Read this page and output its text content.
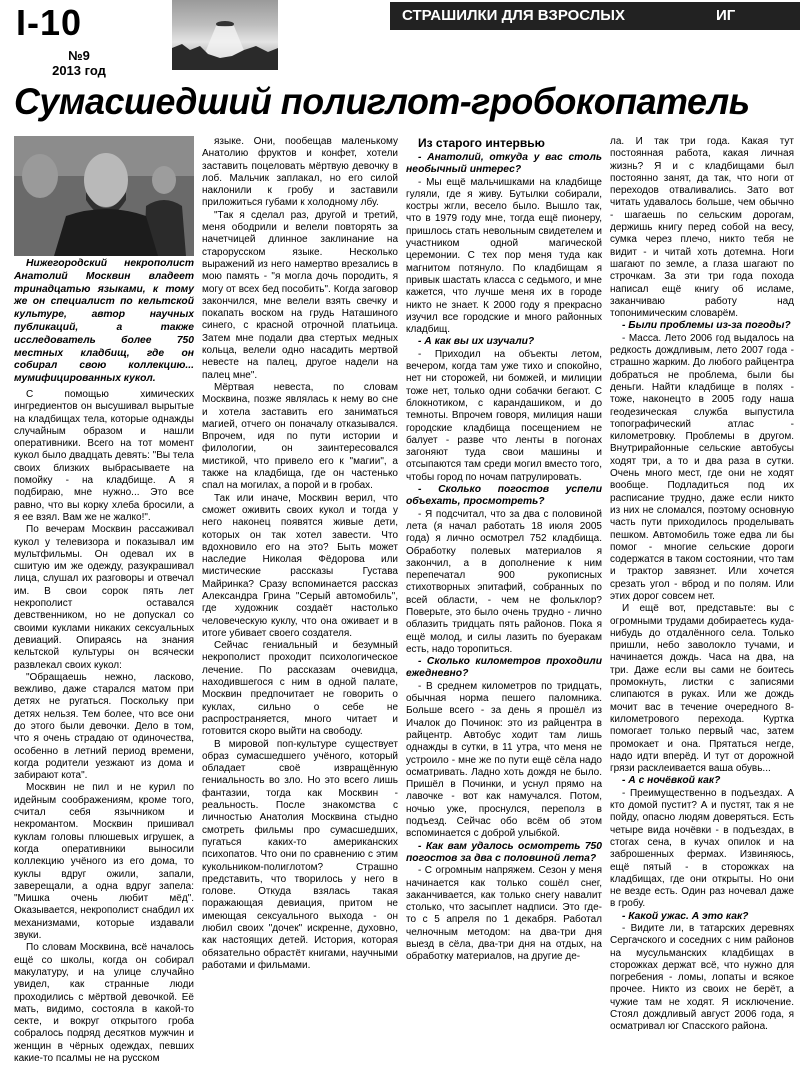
I-10
№9
2013 год
СТРАШИЛКИ ДЛЯ ВЗРОСЛЫХ	ИГ
Сумасшедший полиглот-гробокопатель

Нижегородский некрополист Анатолий Москвин владеет тринадцатью языками, к тому же он специалист по кельтской культуре, автор научных публикаций, а также исследователь более 750 местных кладбищ, где он собирал свою коллекцию... мумифицированных кукол.

С помощью химических ингредиентов он высушивал вырытые на кладбищах тела, которые однажды случайным образом и нашли оперативники. Всего на тот момент кукол было двадцать девять: "Вы тела своих близких выбрасываете на помойку - на кладбище. А я подбираю, мне нужно... Это все равно, что вы корку хлеба бросили, а я ее взял. Вам же не жалко!".

По вечерам Москвин рассаживал кукол у телевизора и показывал им мультфильмы. Он одевал их в сшитую им же одежду, разукрашивал лица, слушал их разговоры и отвечал им. В свои сорок пять лет некрополист оставался девственником, но не допускал со своими куклами никаких сексуальных девиаций. Опираясь на знания кельтской культуры он всячески развлекал своих кукол:

"Обращаешь нежно, ласково, вежливо, даже старался матом при детях не ругаться. Поскольку при детях нельзя. Тем более, что все они до этого были девочки. Дело в том, что я очень страдаю от одиночества, особенно в летний период времени, когда родители уезжают из дома и забирают кота".

Москвин не пил и не курил по идейным соображениям, кроме того, считал себя язычником и некромантом. Москвин пришивал куклам головы плюшевых игрушек, а когда оперативники выносили коллекцию учёного из его дома, то куклы вдруг ожили, запали, заверещали, а одна вдруг запела: "Мишка очень любит мёд". Оказывается, некрополист снабдил их механизмами, которые издавали звуки.

По словам Москвина, всё началось ещё со школы, когда он собирал макулатуру, и на улице случайно увидел, как странные люди проходились с мёртвой девочкой. Её мать, видимо, состояла в какой-то секте, и вокруг открытого гроба собралось подряд десятков мужчин и женщин в чёрных одеждах, певших какие-то псалмы не на русском

языке. Они, пообещав маленькому Анатолию фруктов и конфет, хотели заставить поцеловать мёртвую девочку в лоб. Мальчик заплакал, но его силой наклонили к гробу и заставили приложиться губами к холодному лбу.

"Так я сделал раз, другой и третий, меня ободрили и велели повторять за начетчицей длинное заклинание на старорусском языке. Несколько выражений из него намертво врезались в мою память - "я могла дочь породить, я могу от всех бед пособить". Когда заговор закончился, мне велели взять свечку и покапать воском на грудь Наташиного синего, с красной отрочной платьица. Затем мне подали два стертых медных кольца, велели одно насадить мертвой невесте на палец, другое надели на палец мне".

Мёртвая невеста, по словам Москвина, позже являлась к нему во сне и хотела заставить его заниматься магией, отчего он поначалу отказывался. Впрочем, идя по пути истории и филологии, он заинтересовался мистикой, что привело его к "магии", а также на кладбища, где он частенько спал на могилах, а порой и в гробах.

Так или иначе, Москвин верил, что сможет оживить своих кукол и тогда у него наконец появятся живые дети, которых он так хотел завести. Что вдохновило его на это? Быть может наследие Николая Фёдорова или мистические рассказы Густава Майринка? Сразу вспоминается рассказ Александра Грина "Серый автомобиль", где художник создаёт настолько человеческую куклу, что она оживает и в итоге убивает своего создателя.

Сейчас гениальный и безумный некрополист проходит психологическое лечение. По рассказам очевидца, находившегося с ним в одной палате, Москвин предпочитает не говорить о куклах, сильно о себе не распространяется, много читает и готовится скоро выйти на свободу.

В мировой поп-культуре существует образ сумасшедшего учёного, который обладает своё извращённую гениальность во зло. Но это всего лишь фантазии, тогда как Москвин - реальность. После знакомства с личностью Анатолия Москвина стыдно смотреть фильмы про сумасшедших, пугаться каких-то американских психопатов. Что они по сравнению с этим кукольником-полиглотом? Страшно представить, что творилось у него в голове. Откуда взялась такая поражающая девиация, притом не имеющая сексуального выхода - он любил своих "дочек" искренне, духовно, как настоящих детей. История, которая обязательно обрастёт книгами, научными работами и фильмами.

Из старого интервью

- Анатолий, откуда у вас столь необычный интерес?

- Мы ещё мальчишками на кладбище гуляли, где я живу. Бутылки собирали, костры жгли, весело было. Вышло так, что в 1979 году мне, тогда ещё пионеру, пришлось стать невольным свидетелем и участником одной магической церемонии. С тех пор меня туда как магнитом потянуло. По кладбищам я привык шастать класса с седьмого, и мне кажется, что лучше меня их в городе никто не знает. К 2000 году я прекрасно изучил все городские и много районных кладбищ.

- А как вы их изучали?

- Приходил на объекты летом, вечером, когда там уже тихо и спокойно, нет ни сторожей, ни бомжей, и милиции тоже нет, только одни собачки бегают. С блокнотиком, с карандашиком, и до темноты. Впрочем говоря, милиция наши городские кладбища посещением не балует - разве что ленты в погонах загоняют туда свои машины и отсыпаются там среди могил вместо того, чтобы город по ночам патрулировать.

- Сколько погостов успели объехать, просмотреть?

- Я подсчитал, что за два с половиной лета (я начал работать 18 июля 2005 года) я лично осмотрел 752 кладбища. Обработку полевых материалов я закончил, а в дополнение к ним перепечатал 900 рукописных стихотворных эпитафий, собранных по всей области, - чем не фольклор? Поверьте, это было очень трудно - лично облазить тридцать пять районов. Пока я ещё молод, и силы лазить по буеракам есть, надо торопиться.

- Сколько километров проходили ежедневно?

- В среднем километров по тридцать, обычная норма пешего паломника. Больше всего - за день я прошёл из Ичалок до Починок: это из райцентра в райцентр. Автобус ходит там лишь однажды в сутки, в 11 утра, что меня не устроило - мне же по пути ещё сёла надо осматривать. Ладно хоть дождя не было. Пришёл в Починки, и уснул прямо на лавочке - вот как намучался. Потом, ночью уже, проснулся, переполз в подъезд. Сейчас обо всём об этом вспоминается с доброй улыбкой.

- Как вам удалось осмотреть 750 погостов за два с половиной лета?

- С огромным напряжем. Сезон у меня начинается как только сошёл снег, заканчивается, как только снегу навалит столько, что засыплет надписи. Это где-то с 5 апреля по 1 декабря. Работал челночным методом: на два-три дня выезд в сёла, два-три дня на отдых, на обработку материалов, на другие де-

ла. И так три года. Какая тут постоянная работа, какая личная жизнь? Я и с кладбищами был постоянно занят, да так, что ноги от переходов отваливались. Зато вот читать удавалось больше, чем обычно - шагаешь по сельским дорогам, держишь книгу перед собой на весу, сумка через плечо, никто тебя не видит - и читай хоть дотемна. Ноги шагают по земле, а глаза шагают по строчкам. За эти три года похода написал ещё книгу об исламе, заканчиваю работу над топонимическим словарём.

- Были проблемы из-за погоды?

- Масса. Лето 2006 год выдалось на редкость дождливым, лето 2007 года - страшно жарким. До любого райцентра добраться не проблема, были бы деньги. Найти кладбище в полях - тоже, наконецто в 2005 году наша геодезическая служба выпустила топографический атлас - километровку. Проблемы в другом. Внутрирайонные сельские автобусы ходят три, а то и два раза в сутки. Очень много мест, где они не ходят вообще. Подладиться под их расписание трудно, даже если никто из них не сломался, поэтому основную часть пути приходилось проделывать пешком. Автомобиль тоже едва ли бы помог - многие сельские дороги содержатся в таком состоянии, что там и трактор завязнет. Или хочется срезать угол - вброд и по полям. Или этих дорог совсем нет.

И ещё вот, представьте: вы с огромными трудами добираетесь куда-нибудь до отдалённого села. Только пришли, небо заволокло тучами, и начинается дождь. Часа на два, на три. Даже если вы сами не боитесь промокнуть, листки с записями слипаются в руках. Или же дождь мочит вас в течение очередного 8-километрового перехода. Куртка помогает только первый час, затем промокает и она. Прятаться негде, надо идти вперёд. И тут от дорожной грязи расклеивается ваша обувь...

- А с ночёвкой как?

- Преимущественно в подъездах. А кто домой пустит? А и пустят, так я не пойду, опасно людям доверяться. Есть четыре вида ночёвки - в подъездах, в стогах сена, в кучах опилок и на заброшенных фермах. Извиняюсь, ещё пятый - в сторожках на кладбищах, где они открыты. Но они не везде есть. Один раз ночевал даже в гробу.

- Какой ужас. А это как?

- Видите ли, в татарских деревнях Сергачского и соседних с ним районов на мусульманских кладбищах в сторожках держат всё, что нужно для погребения - ломы, лопаты и всякое прочее. Никто из своих не берёт, а чужие там не ходят. Я исключение. Стоял дождливый август 2006 года, я осматривал юг Спасского района.
